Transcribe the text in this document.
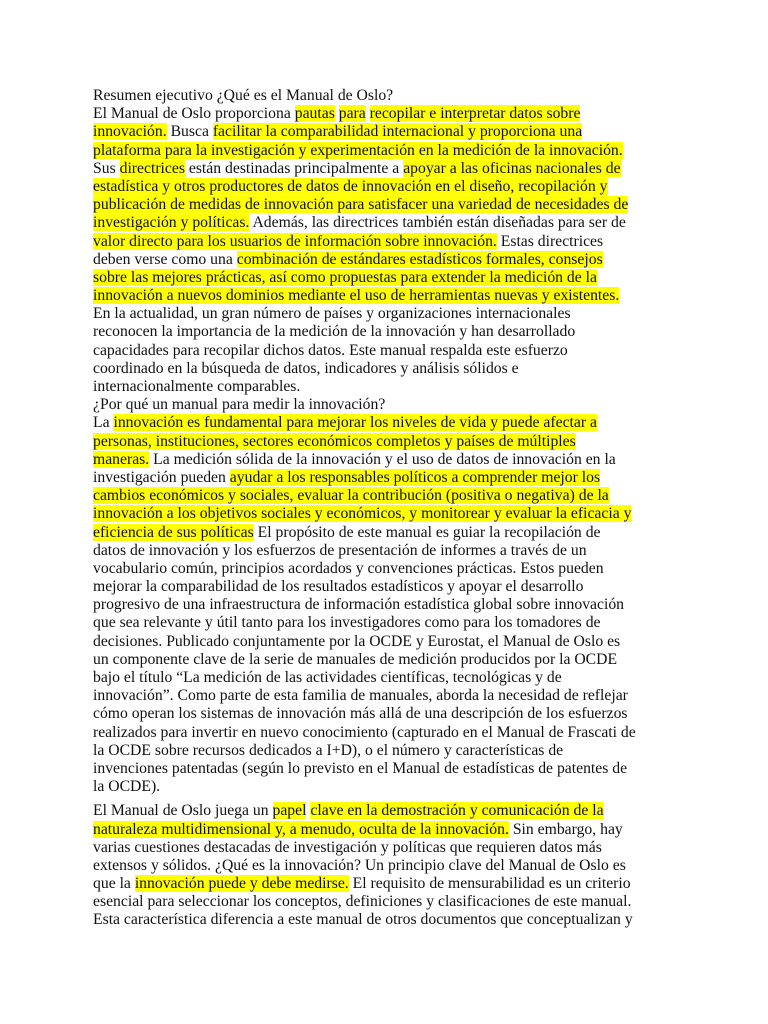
Resumen ejecutivo ¿Qué es el Manual de Oslo?
El Manual de Oslo proporciona pautas para recopilar e interpretar datos sobre
innovación. Busca facilitar la comparabilidad internacional y proporciona una
plataforma para la investigación y experimentación en la medición de la innovación.
Sus directrices están destinadas principalmente a apoyar a las oficinas nacionales de
estadística y otros productores de datos de innovación en el diseño, recopilación y
publicación de medidas de innovación para satisfacer una variedad de necesidades de
investigación y políticas. Además, las directrices también están diseñadas para ser de
valor directo para los usuarios de información sobre innovación. Estas directrices
deben verse como una combinación de estándares estadísticos formales, consejos
sobre las mejores prácticas, así como propuestas para extender la medición de la
innovación a nuevos dominios mediante el uso de herramientas nuevas y existentes.
En la actualidad, un gran número de países y organizaciones internacionales
reconocen la importancia de la medición de la innovación y han desarrollado
capacidades para recopilar dichos datos. Este manual respalda este esfuerzo
coordinado en la búsqueda de datos, indicadores y análisis sólidos e
internacionalmente comparables.
¿Por qué un manual para medir la innovación?
La innovación es fundamental para mejorar los niveles de vida y puede afectar a
personas, instituciones, sectores económicos completos y países de múltiples
maneras. La medición sólida de la innovación y el uso de datos de innovación en la
investigación pueden ayudar a los responsables políticos a comprender mejor los
cambios económicos y sociales, evaluar la contribución (positiva o negativa) de la
innovación a los objetivos sociales y económicos, y monitorear y evaluar la eficacia y
eficiencia de sus políticas El propósito de este manual es guiar la recopilación de
datos de innovación y los esfuerzos de presentación de informes a través de un
vocabulario común, principios acordados y convenciones prácticas. Estos pueden
mejorar la comparabilidad de los resultados estadísticos y apoyar el desarrollo
progresivo de una infraestructura de información estadística global sobre innovación
que sea relevante y útil tanto para los investigadores como para los tomadores de
decisiones. Publicado conjuntamente por la OCDE y Eurostat, el Manual de Oslo es
un componente clave de la serie de manuales de medición producidos por la OCDE
bajo el título “La medición de las actividades científicas, tecnológicas y de
innovación”. Como parte de esta familia de manuales, aborda la necesidad de reflejar
cómo operan los sistemas de innovación más allá de una descripción de los esfuerzos
realizados para invertir en nuevo conocimiento (capturado en el Manual de Frascati de
la OCDE sobre recursos dedicados a I+D), o el número y características de
invenciones patentadas (según lo previsto en el Manual de estadísticas de patentes de
la OCDE).
El Manual de Oslo juega un papel clave en la demostración y comunicación de la
naturaleza multidimensional y, a menudo, oculta de la innovación. Sin embargo, hay
varias cuestiones destacadas de investigación y políticas que requieren datos más
extensos y sólidos. ¿Qué es la innovación? Un principio clave del Manual de Oslo es
que la innovación puede y debe medirse. El requisito de mensurabilidad es un criterio
esencial para seleccionar los conceptos, definiciones y clasificaciones de este manual.
Esta característica diferencia a este manual de otros documentos que conceptualizan y
